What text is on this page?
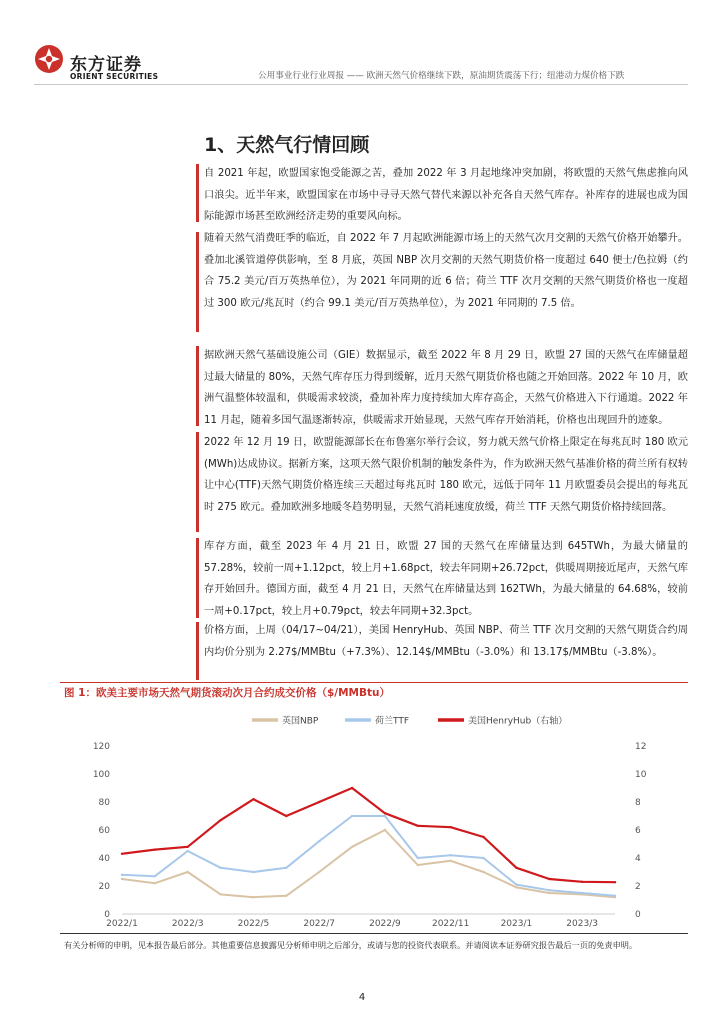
东方证券
ORIENT SECURITIES	公用事业行业行业周报 —— 欧洲天然气价格继续下跌，原油期货震荡下行；纽港动力煤价格下跌
1、天然气行情回顾

自 2021 年起，欧盟国家饱受能源之苦，叠加 2022 年 3 月起地缘冲突加剧，将欧盟的天然气焦虑推向风口浪尖。近半年来，欧盟国家在市场中寻寻天然气替代来源以补充各自天然气库存。补库存的进展也成为国际能源市场甚至欧洲经济走势的重要风向标。

随着天然气消费旺季的临近，自 2022 年 7 月起欧洲能源市场上的天然气次月交割的天然气价格开始攀升。叠加北溪管道停供影响，至 8 月底，英国 NBP 次月交割的天然气期货价格一度超过 640 便士/色拉姆（约合 75.2 美元/百万英热单位），为 2021 年同期的近 6 倍；荷兰 TTF 次月交割的天然气期货价格也一度超过 300 欧元/兆瓦时（约合 99.1 美元/百万英热单位），为 2021 年同期的 7.5 倍。

据欧洲天然气基础设施公司（GIE）数据显示，截至 2022 年 8 月 29 日，欧盟 27 国的天然气在库储量超过最大储量的 80%，天然气库存压力得到缓解，近月天然气期货价格也随之开始回落。2022 年 10 月，欧洲气温整体较温和，供暖需求较淡，叠加补库力度持续加大库存高企，天然气价格进入下行通道。2022 年 11 月起，随着多国气温逐渐转凉，供暖需求开始显现，天然气库存开始消耗，价格也出现回升的迹象。

2022 年 12 月 19 日，欧盟能源部长在布鲁塞尔举行会议，努力就天然气价格上限定在每兆瓦时 180 欧元(MWh)达成协议。据新方案，这项天然气限价机制的触发条件为，作为欧洲天然气基准价格的荷兰所有权转让中心(TTF)天然气期货价格连续三天超过每兆瓦时 180 欧元，远低于同年 11 月欧盟委员会提出的每兆瓦时 275 欧元。叠加欧洲多地暖冬趋势明显，天然气消耗速度放缓，荷兰 TTF 天然气期货价格持续回落。

库存方面，截至 2023 年 4 月 21 日，欧盟 27 国的天然气在库储量达到 645TWh，为最大储量的 57.28%，较前一周+1.12pct，较上月+1.68pct，较去年同期+26.72pct，供暖周期接近尾声，天然气库存开始回升。德国方面，截至 4 月 21 日，天然气在库储量达到 162TWh，为最大储量的 64.68%，较前一周+0.17pct，较上月+0.79pct，较去年同期+32.3pct。

价格方面，上周（04/17~04/21），美国 HenryHub、英国 NBP、荷兰 TTF 次月交割的天然气期货合约周内均价分别为 2.27$/MMBtu（+7.3%）、12.14$/MMBtu（-3.0%）和 13.17$/MMBtu（-3.8%）。

图 1：欧美主要市场天然气期货滚动次月合约成交价格（$/MMBtu）
0
20
40
60
80
100
120
0
2
4
6
8
10
12
2022/1	2022/3	2022/5	2022/7	2022/9	2022/11	2023/1	2023/3
英国NBP	荷兰TTF	美国HenryHub（右轴）
有关分析师的申明，见本报告最后部分。其他重要信息披露见分析师申明之后部分，或请与您的投资代表联系。并请阅读本证券研究报告最后一页的免责申明。
4
